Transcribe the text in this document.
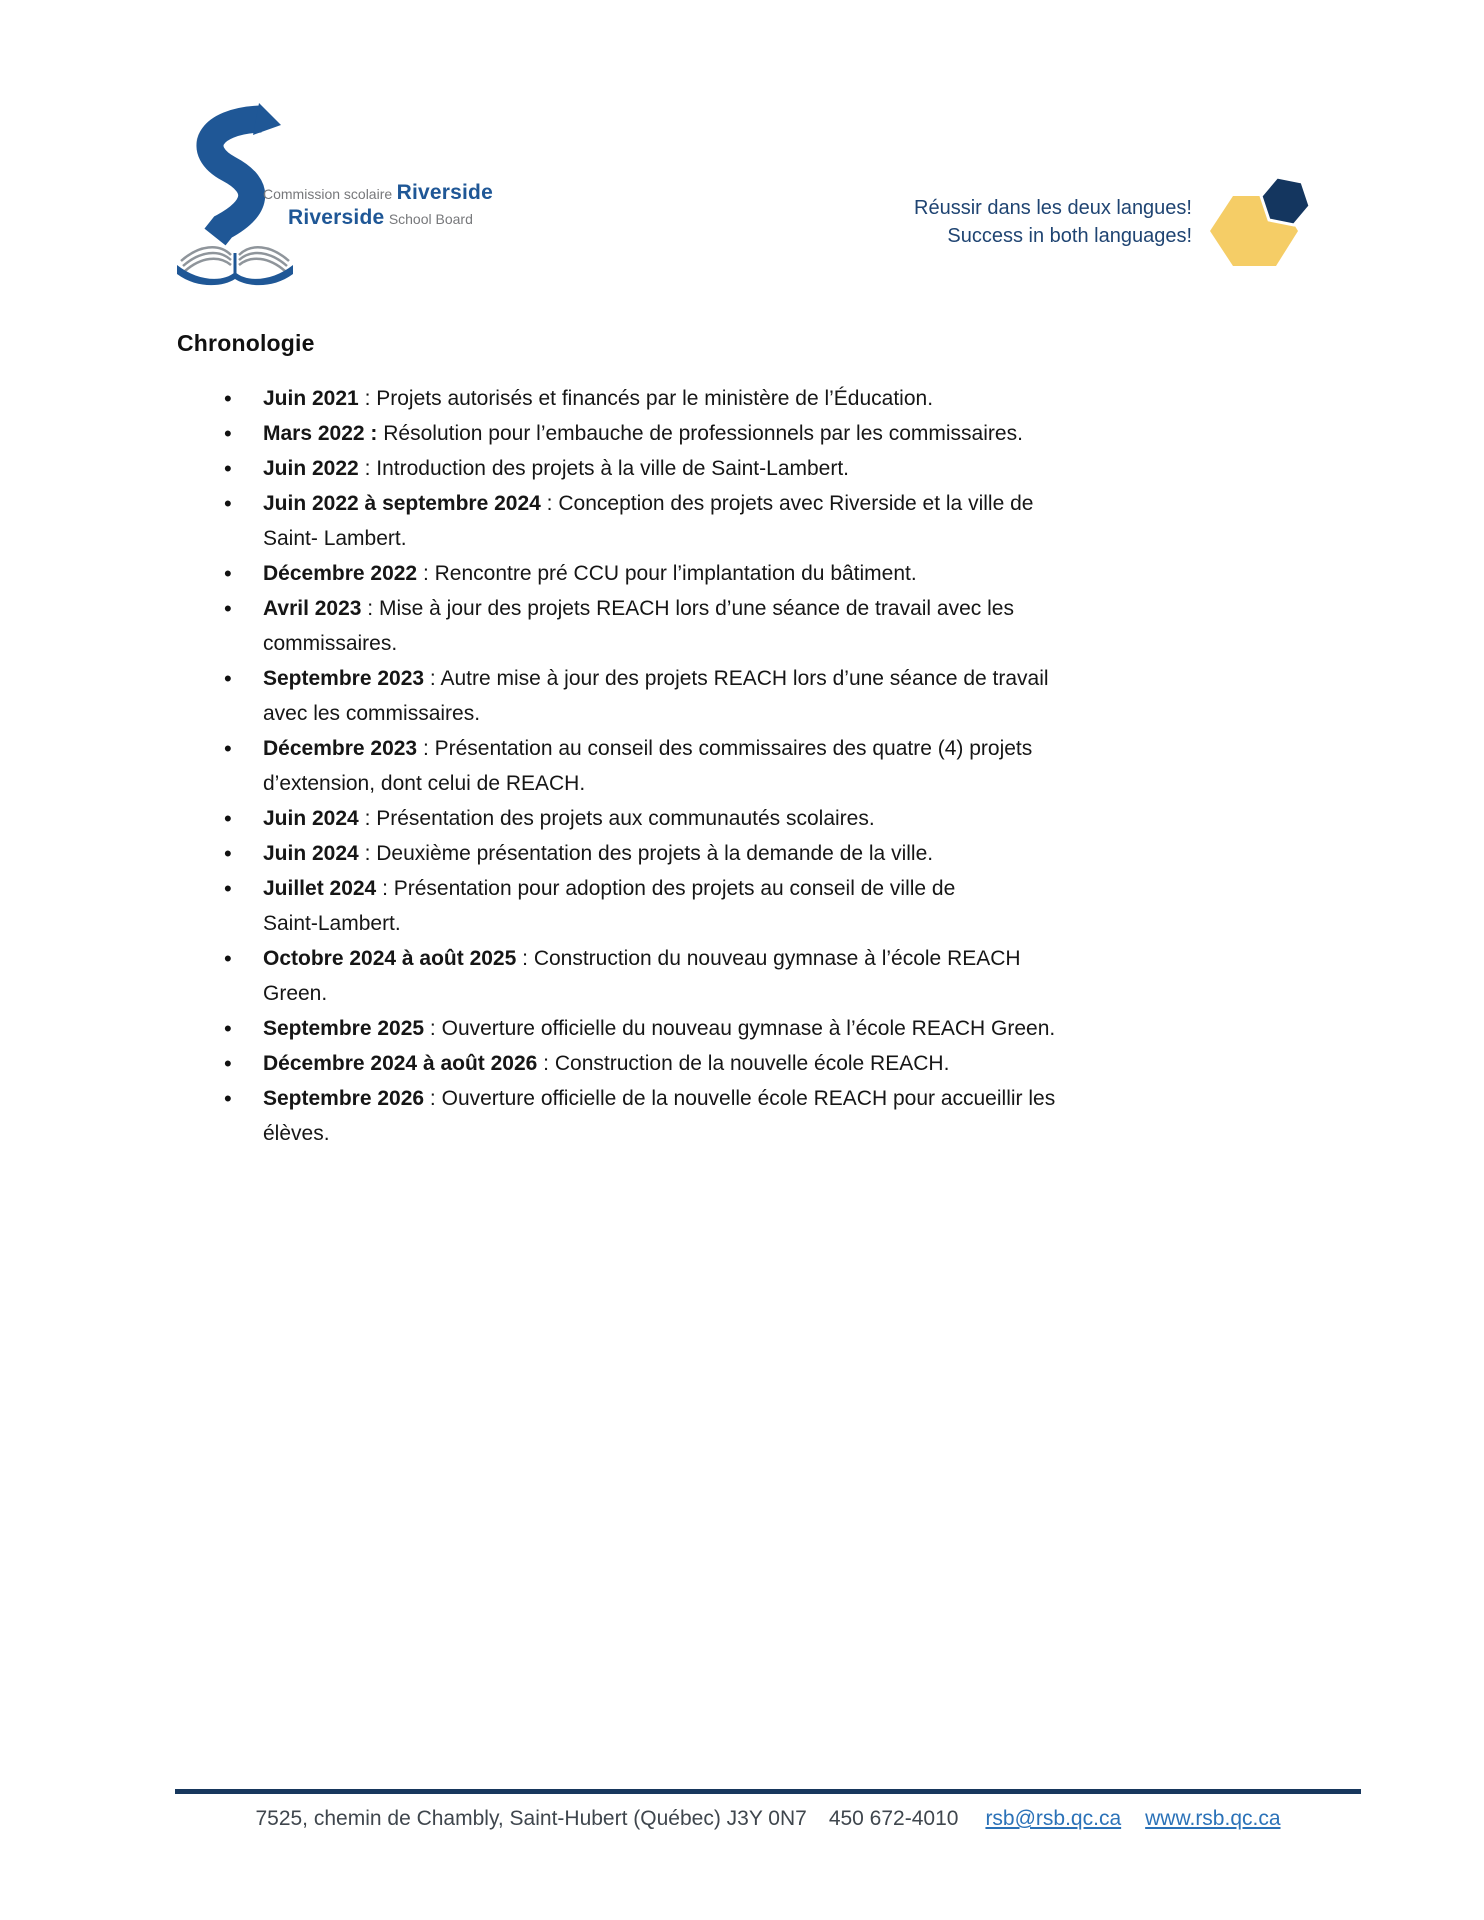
Commission scolaire Riverside
Riverside School Board	Réussir dans les deux langues!
Success in both languages!
Chronologie
• Juin 2021 : Projets autorisés et financés par le ministère de l’Éducation.
• Mars 2022 : Résolution pour l’embauche de professionnels par les commissaires.
• Juin 2022 : Introduction des projets à la ville de Saint-Lambert.
• Juin 2022 à septembre 2024 : Conception des projets avec Riverside et la ville de
Saint- Lambert.
• Décembre 2022 : Rencontre pré CCU pour l’implantation du bâtiment.
• Avril 2023 : Mise à jour des projets REACH lors d’une séance de travail avec les
commissaires.
• Septembre 2023 : Autre mise à jour des projets REACH lors d’une séance de travail
avec les commissaires.
• Décembre 2023 : Présentation au conseil des commissaires des quatre (4) projets
d’extension, dont celui de REACH.
• Juin 2024 : Présentation des projets aux communautés scolaires.
• Juin 2024 : Deuxième présentation des projets à la demande de la ville.
• Juillet 2024 : Présentation pour adoption des projets au conseil de ville de
Saint-Lambert.
• Octobre 2024 à août 2025 : Construction du nouveau gymnase à l’école REACH
Green.
• Septembre 2025 : Ouverture officielle du nouveau gymnase à l’école REACH Green.
• Décembre 2024 à août 2026 : Construction de la nouvelle école REACH.
• Septembre 2026 : Ouverture officielle de la nouvelle école REACH pour accueillir les
élèves.
7525, chemin de Chambly, Saint-Hubert (Québec) J3Y 0N7 450 672-4010 rsb@rsb.qc.ca www.rsb.qc.ca
